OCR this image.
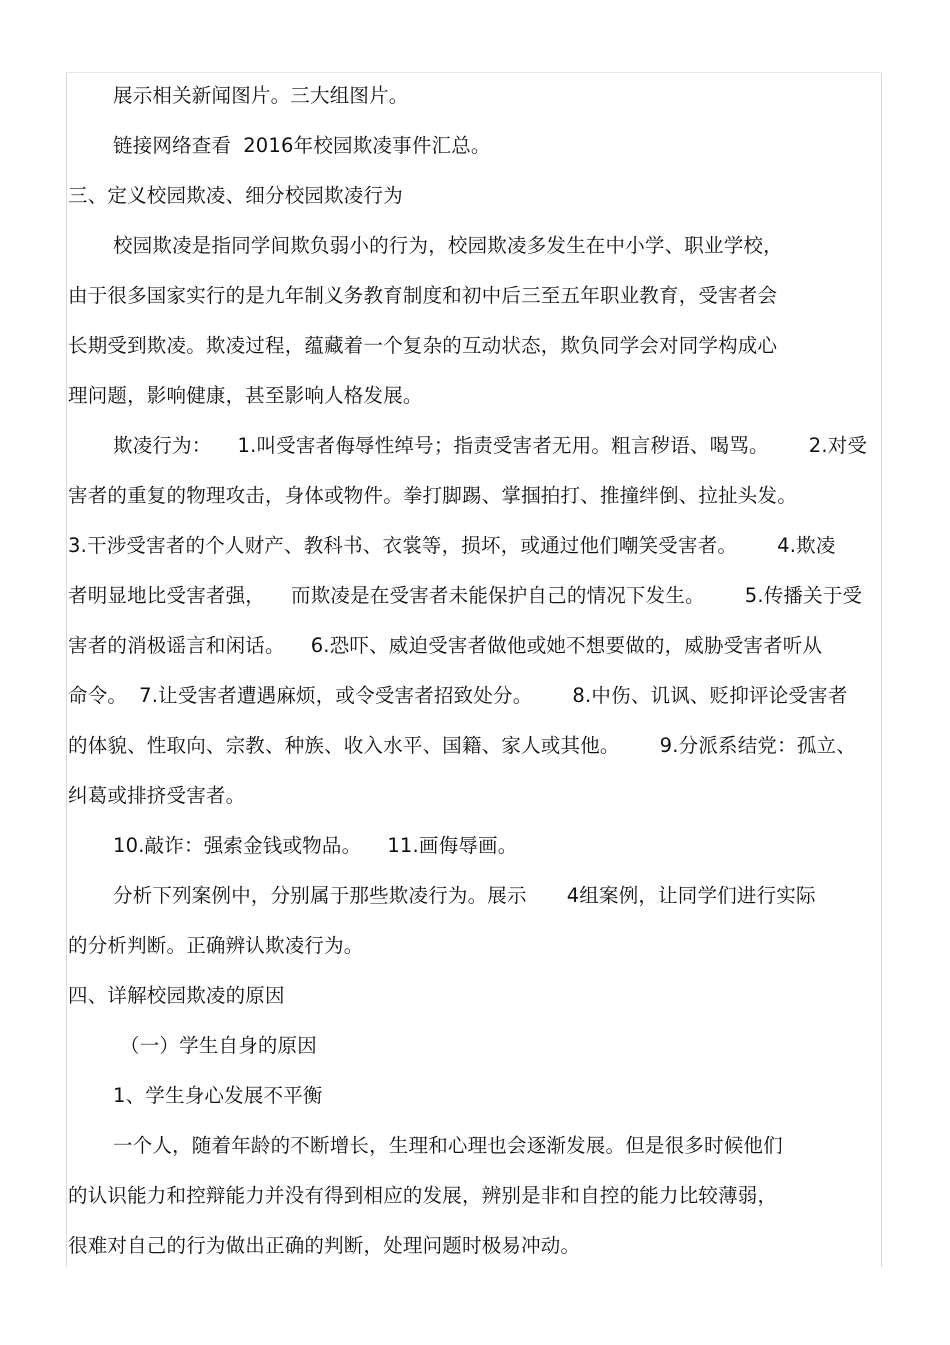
展示相关新闻图片。三大组图片。
链接网络查看 2016年校园欺凌事件汇总。
三、定义校园欺凌、细分校园欺凌行为
校园欺凌是指同学间欺负弱小的行为，校园欺凌多发生在中小学、职业学校，
由于很多国家实行的是九年制义务教育制度和初中后三至五年职业教育，受害者会
长期受到欺凌。欺凌过程，蕴藏着一个复杂的互动状态，欺负同学会对同学构成心
理问题，影响健康，甚至影响人格发展。
欺凌行为： 1.叫受害者侮辱性绰号；指责受害者无用。粗言秽语、喝骂。 2.对受
害者的重复的物理攻击，身体或物件。拳打脚踢、掌掴拍打、推撞绊倒、拉扯头发。
3.干涉受害者的个人财产、教科书、衣裳等，损坏，或通过他们嘲笑受害者。 4.欺凌
者明显地比受害者强， 而欺凌是在受害者未能保护自己的情况下发生。 5.传播关于受
害者的消极谣言和闲话。 6.恐吓、威迫受害者做他或她不想要做的，威胁受害者听从
命令。 7.让受害者遭遇麻烦，或令受害者招致处分。 8.中伤、讥讽、贬抑评论受害者
的体貌、性取向、宗教、种族、收入水平、国籍、家人或其他。 9.分派系结党：孤立、
纠葛或排挤受害者。
10.敲诈：强索金钱或物品。 11.画侮辱画。
分析下列案例中，分别属于那些欺凌行为。展示 4组案例，让同学们进行实际
的分析判断。正确辨认欺凌行为。
四、详解校园欺凌的原因
（一）学生自身的原因
1、学生身心发展不平衡
一个人，随着年龄的不断增长，生理和心理也会逐渐发展。但是很多时候他们
的认识能力和控辩能力并没有得到相应的发展，辨别是非和自控的能力比较薄弱，
很难对自己的行为做出正确的判断，处理问题时极易冲动。
